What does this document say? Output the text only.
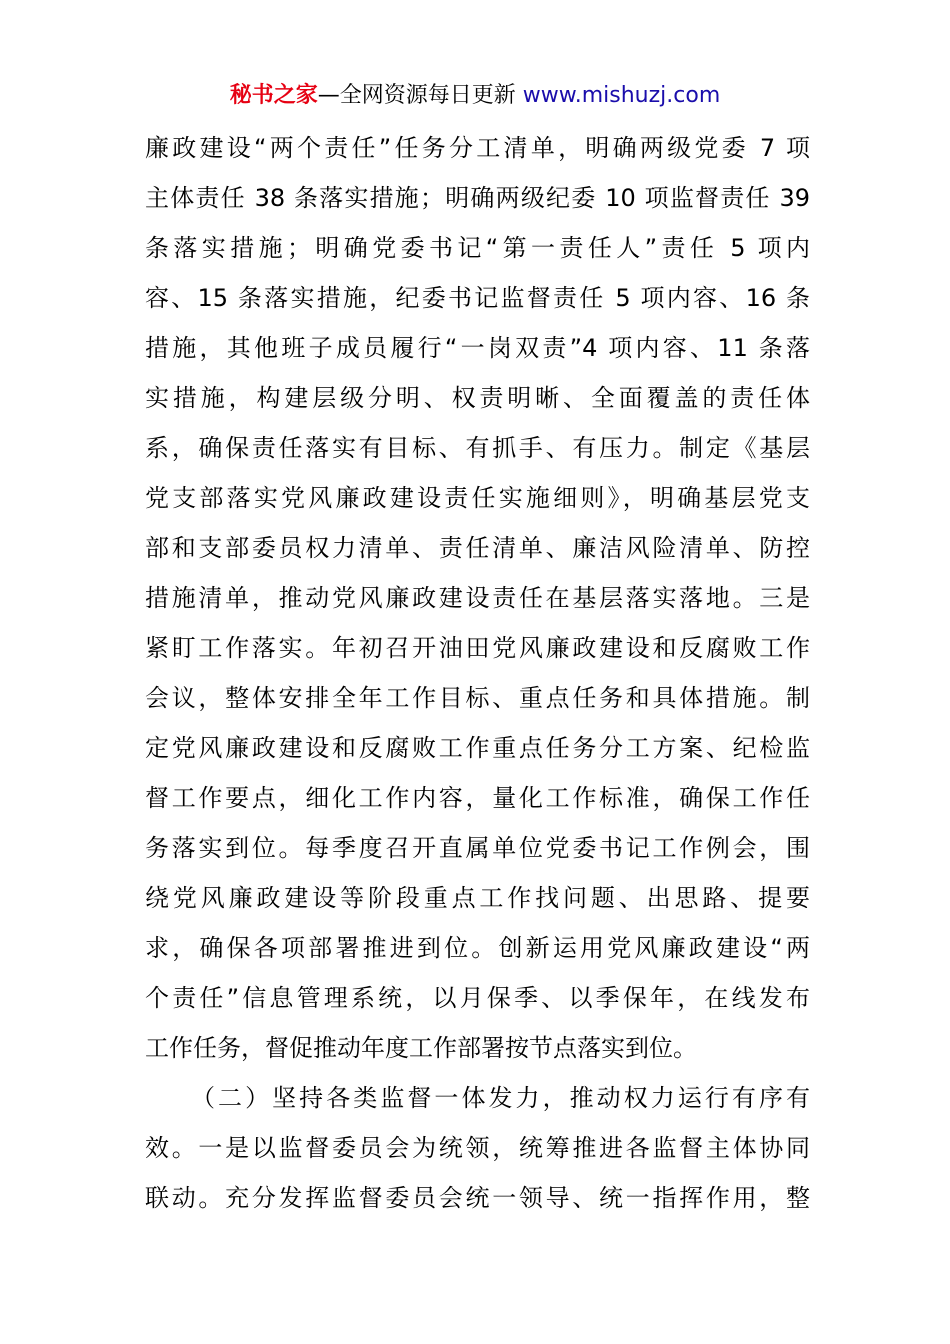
秘书之家—全网资源每日更新 www.mishuzj.com
廉政建设“两个责任”任务分工清单，明确两级党委 7 项
主体责任 38 条落实措施；明确两级纪委 10 项监督责任 39
条落实措施；明确党委书记“第一责任人”责任 5 项内
容、15 条落实措施，纪委书记监督责任 5 项内容、16 条
措施，其他班子成员履行“一岗双责”4 项内容、11 条落
实措施，构建层级分明、权责明晰、全面覆盖的责任体
系，确保责任落实有目标、有抓手、有压力。制定《基层
党支部落实党风廉政建设责任实施细则》，明确基层党支
部和支部委员权力清单、责任清单、廉洁风险清单、防控
措施清单，推动党风廉政建设责任在基层落实落地。三是
紧盯工作落实。年初召开油田党风廉政建设和反腐败工作
会议，整体安排全年工作目标、重点任务和具体措施。制
定党风廉政建设和反腐败工作重点任务分工方案、纪检监
督工作要点，细化工作内容，量化工作标准，确保工作任
务落实到位。每季度召开直属单位党委书记工作例会，围
绕党风廉政建设等阶段重点工作找问题、出思路、提要
求，确保各项部署推进到位。创新运用党风廉政建设“两
个责任”信息管理系统，以月保季、以季保年，在线发布
工作任务，督促推动年度工作部署按节点落实到位。
（二）坚持各类监督一体发力，推动权力运行有序有
效。一是以监督委员会为统领，统筹推进各监督主体协同
联动。充分发挥监督委员会统一领导、统一指挥作用，整
